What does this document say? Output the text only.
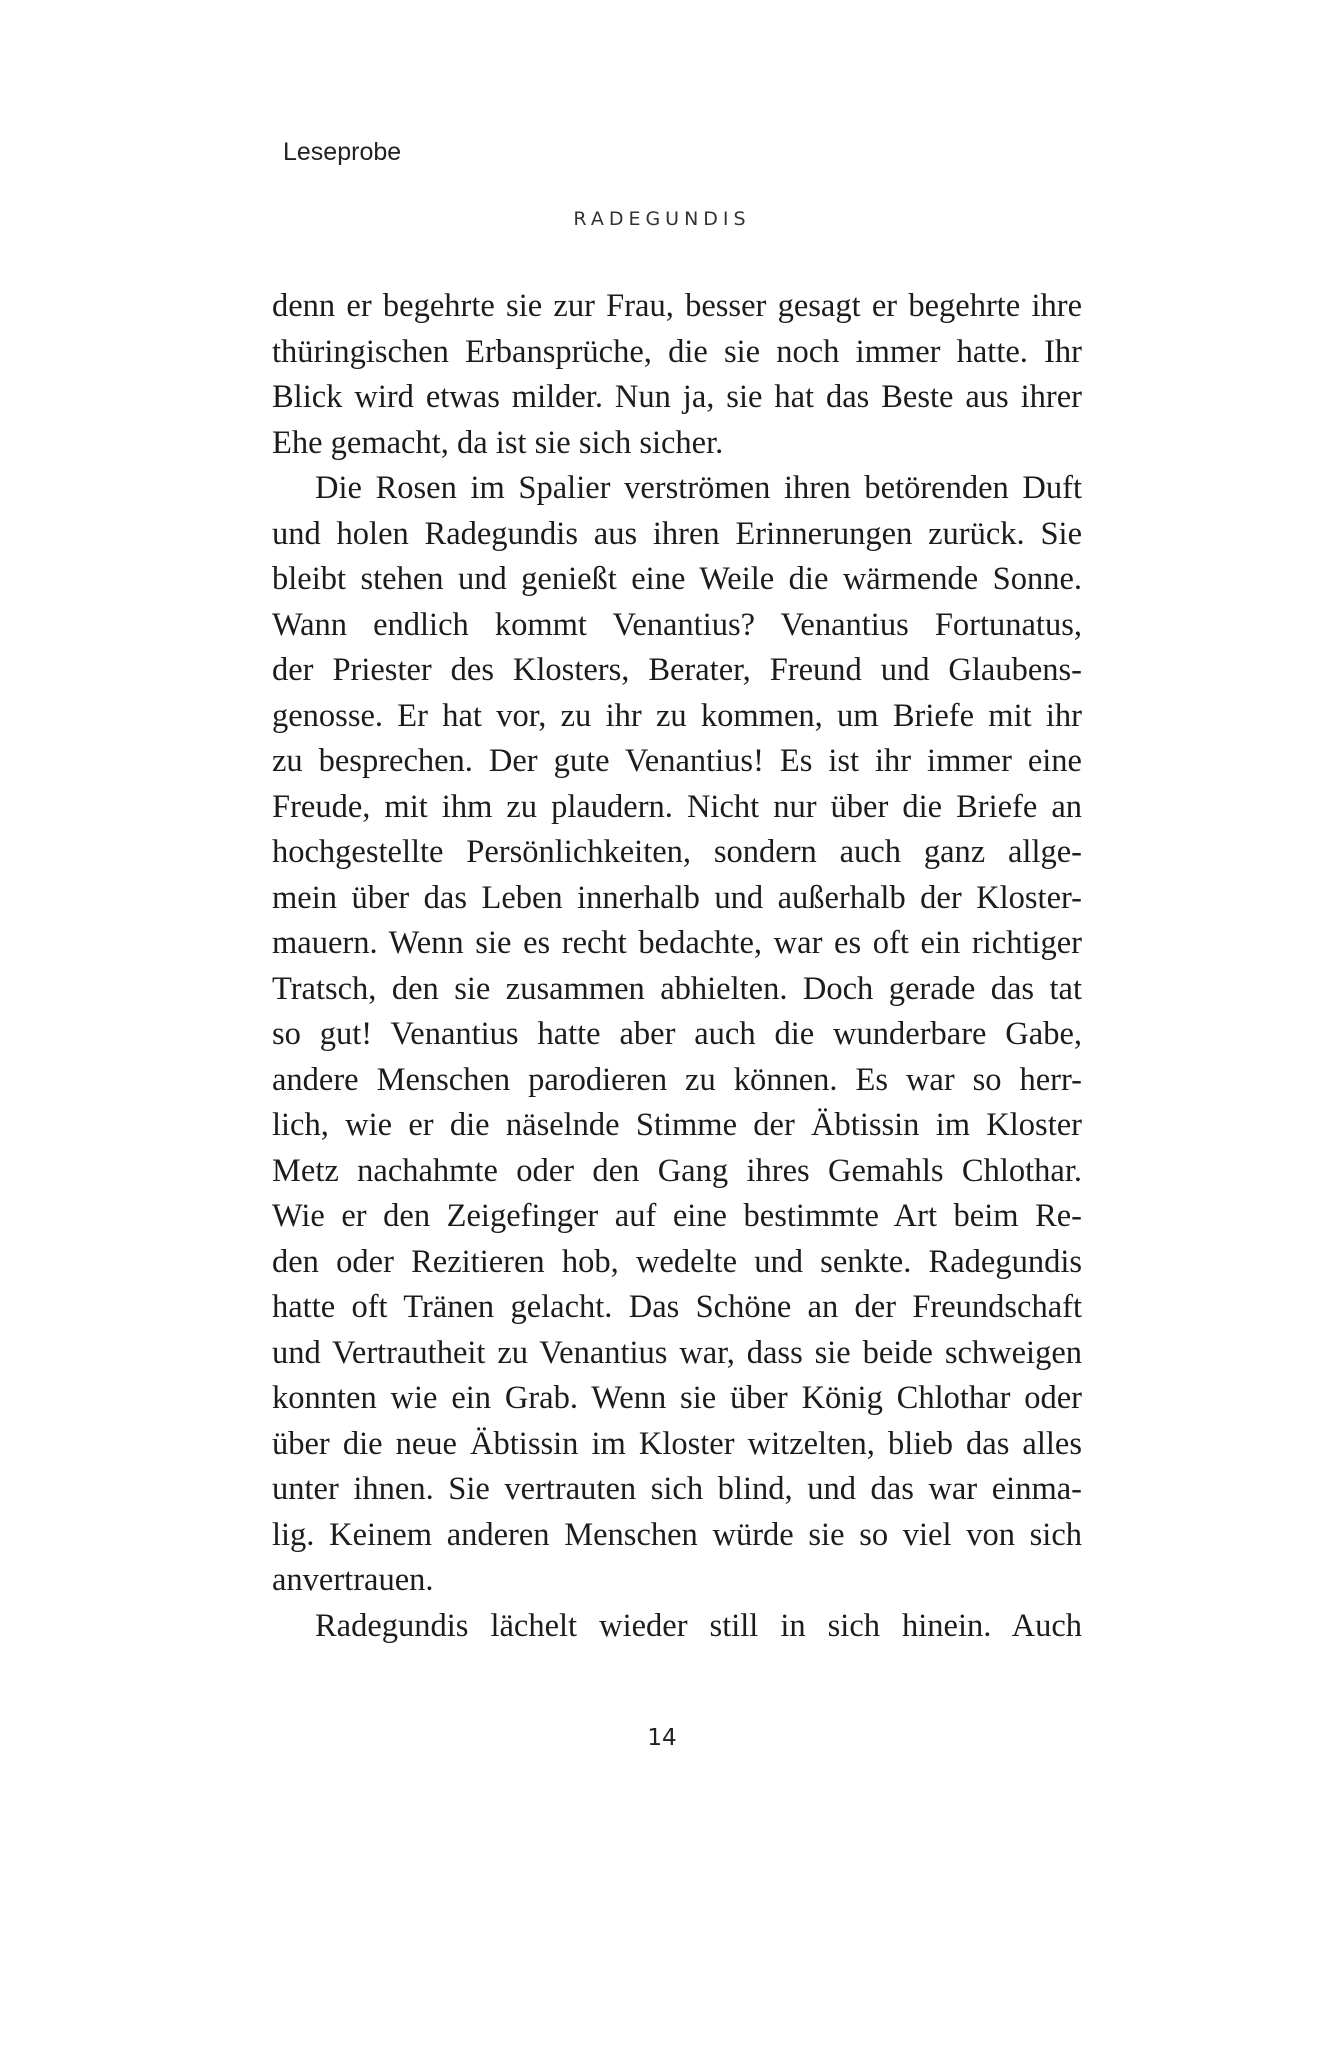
Leseprobe
RADEGUNDIS
denn er begehrte sie zur Frau, besser gesagt er begehrte ihre
thüringischen Erbansprüche, die sie noch immer hatte. Ihr
Blick wird etwas milder. Nun ja, sie hat das Beste aus ihrer
Ehe gemacht, da ist sie sich sicher.
Die Rosen im Spalier verströmen ihren betörenden Duft
und holen Radegundis aus ihren Erinnerungen zurück. Sie
bleibt stehen und genießt eine Weile die wärmende Sonne.
Wann endlich kommt Venantius? Venantius Fortunatus,
der Priester des Klosters, Berater, Freund und Glaubens-
genosse. Er hat vor, zu ihr zu kommen, um Briefe mit ihr
zu besprechen. Der gute Venantius! Es ist ihr immer eine
Freude, mit ihm zu plaudern. Nicht nur über die Briefe an
hochgestellte Persönlichkeiten, sondern auch ganz allge-
mein über das Leben innerhalb und außerhalb der Kloster-
mauern. Wenn sie es recht bedachte, war es oft ein richtiger
Tratsch, den sie zusammen abhielten. Doch gerade das tat
so gut! Venantius hatte aber auch die wunderbare Gabe,
andere Menschen parodieren zu können. Es war so herr-
lich, wie er die näselnde Stimme der Äbtissin im Kloster
Metz nachahmte oder den Gang ihres Gemahls Chlothar.
Wie er den Zeigefinger auf eine bestimmte Art beim Re-
den oder Rezitieren hob, wedelte und senkte. Radegundis
hatte oft Tränen gelacht. Das Schöne an der Freundschaft
und Vertrautheit zu Venantius war, dass sie beide schweigen
konnten wie ein Grab. Wenn sie über König Chlothar oder
über die neue Äbtissin im Kloster witzelten, blieb das alles
unter ihnen. Sie vertrauten sich blind, und das war einma-
lig. Keinem anderen Menschen würde sie so viel von sich
anvertrauen.
Radegundis lächelt wieder still in sich hinein. Auch
14
